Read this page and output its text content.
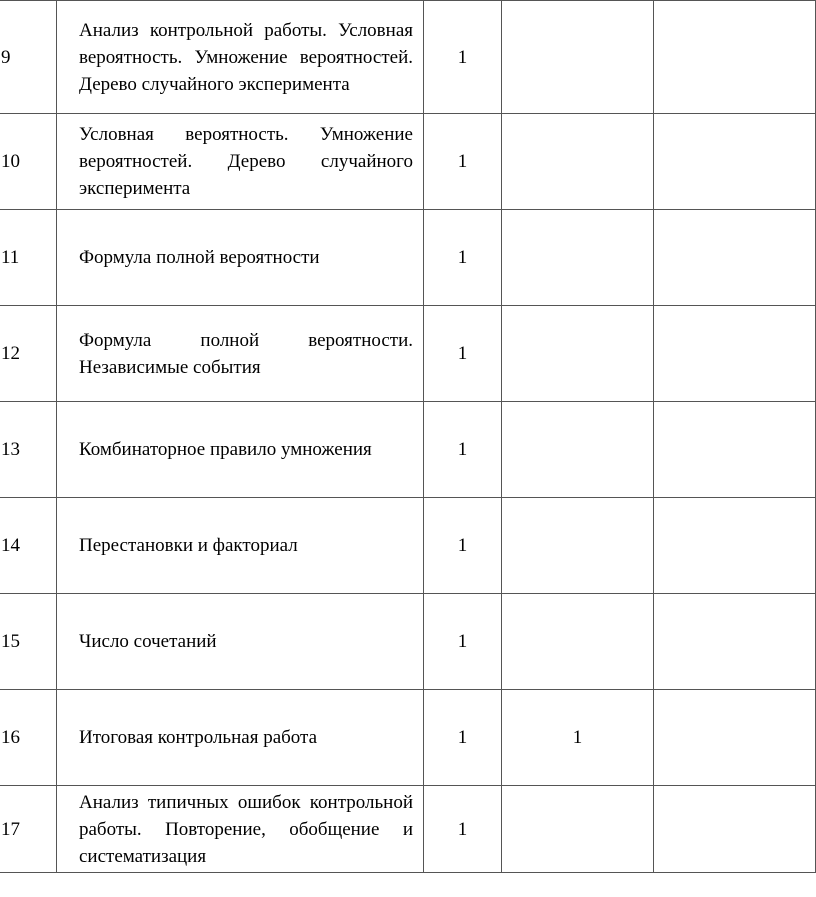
9	Анализ контрольной работы. Условная вероятность. Умножение вероятностей. Дерево случайного эксперимента	1			
10	Условная вероятность. Умножение вероятностей. Дерево случайного эксперимента	1			
11	Формула полной вероятности	1			
12	Формула полной вероятности. Независимые события	1			
13	Комбинаторное правило умножения	1			
14	Перестановки и факториал	1			
15	Число сочетаний	1			
16	Итоговая контрольная работа	1	1		
17	Анализ типичных ошибок контрольной работы. Повторение, обобщение и систематизация	1			
